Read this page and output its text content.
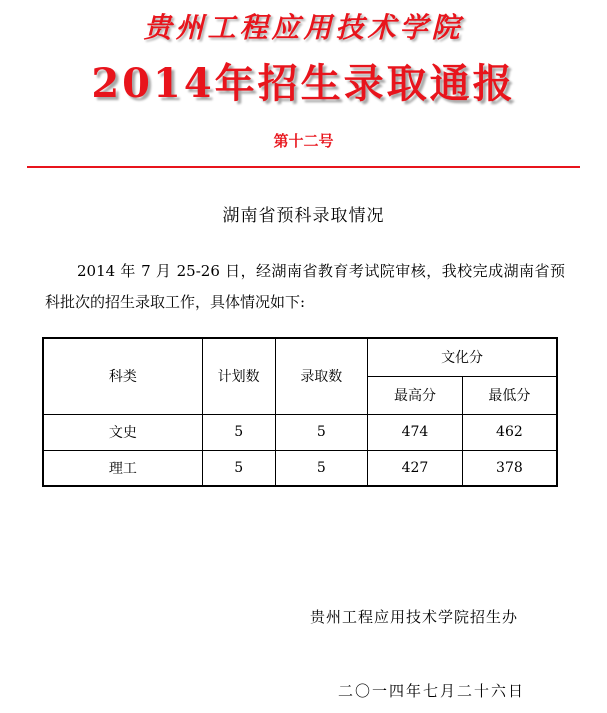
贵州工程应用技术学院
2014年招生录取通报
第十二号
湖南省预科录取情况
2014 年 7 月 25-26 日，经湖南省教育考试院审核，我校完成湖南省预科批次的招生录取工作，具体情况如下:
科类	计划数	录取数	文化分	
			最高分	最低分
文史	5	5	474	462
理工	5	5	427	378
贵州工程应用技术学院招生办
二〇一四年七月二十六日
